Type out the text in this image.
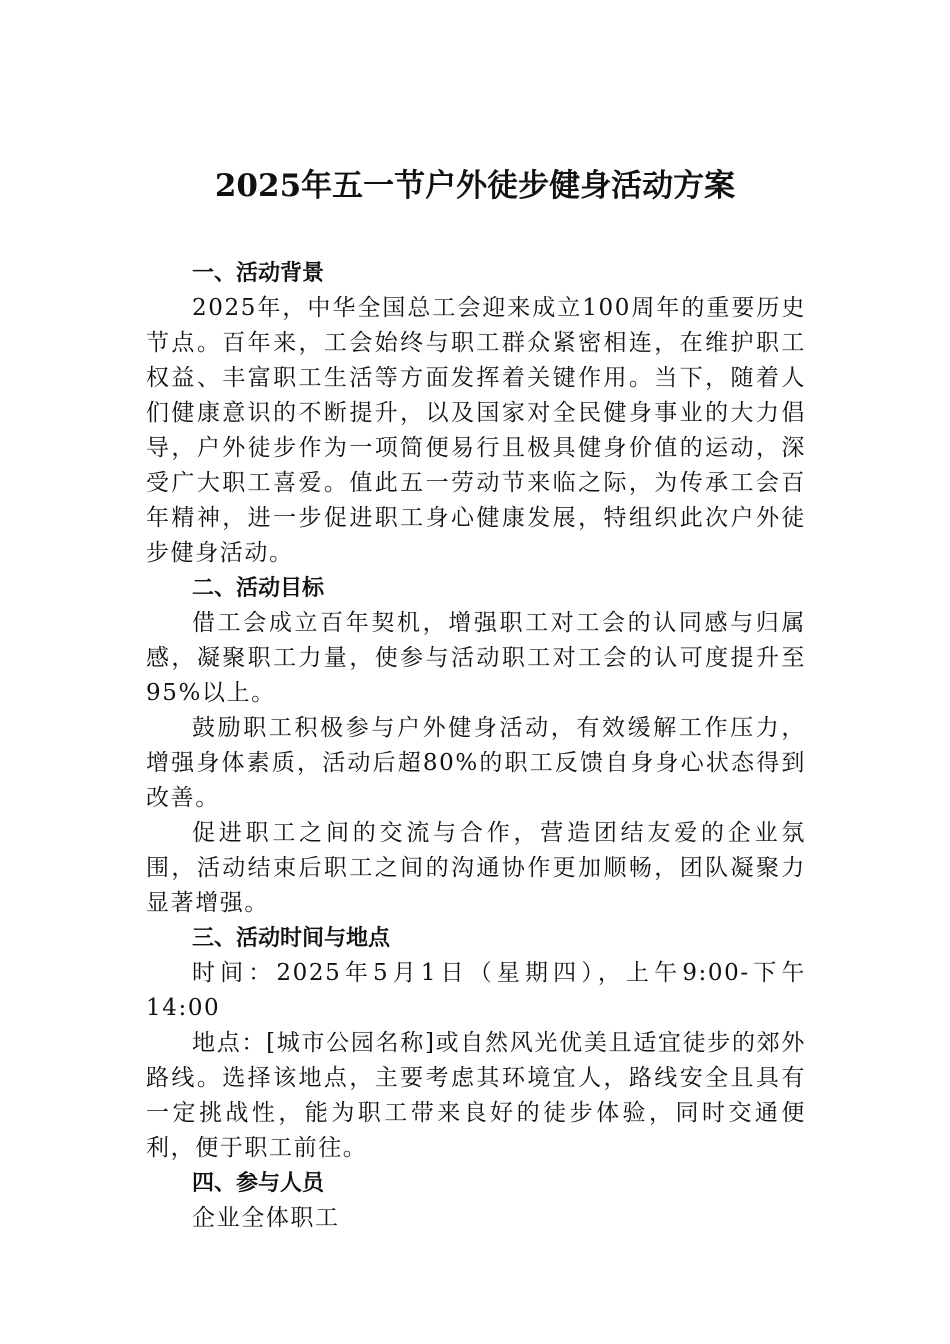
2025年五一节户外徒步健身活动方案

一、活动背景

2025年，中华全国总工会迎来成立100周年的重要历史节点。百年来，工会始终与职工群众紧密相连，在维护职工权益、丰富职工生活等方面发挥着关键作用。当下，随着人们健康意识的不断提升，以及国家对全民健身事业的大力倡导，户外徒步作为一项简便易行且极具健身价值的运动，深受广大职工喜爱。值此五一劳动节来临之际，为传承工会百年精神，进一步促进职工身心健康发展，特组织此次户外徒步健身活动。

二、活动目标

借工会成立百年契机，增强职工对工会的认同感与归属感，凝聚职工力量，使参与活动职工对工会的认可度提升至95%以上。

鼓励职工积极参与户外健身活动，有效缓解工作压力，增强身体素质，活动后超80%的职工反馈自身身心状态得到改善。

促进职工之间的交流与合作，营造团结友爱的企业氛围，活动结束后职工之间的沟通协作更加顺畅，团队凝聚力显著增强。

三、活动时间与地点

时间：2025年5月1日（星期四），上午9:00-下午14:00

地点：[城市公园名称]或自然风光优美且适宜徒步的郊外路线。选择该地点，主要考虑其环境宜人，路线安全且具有一定挑战性，能为职工带来良好的徒步体验，同时交通便利，便于职工前往。

四、参与人员

企业全体职工
